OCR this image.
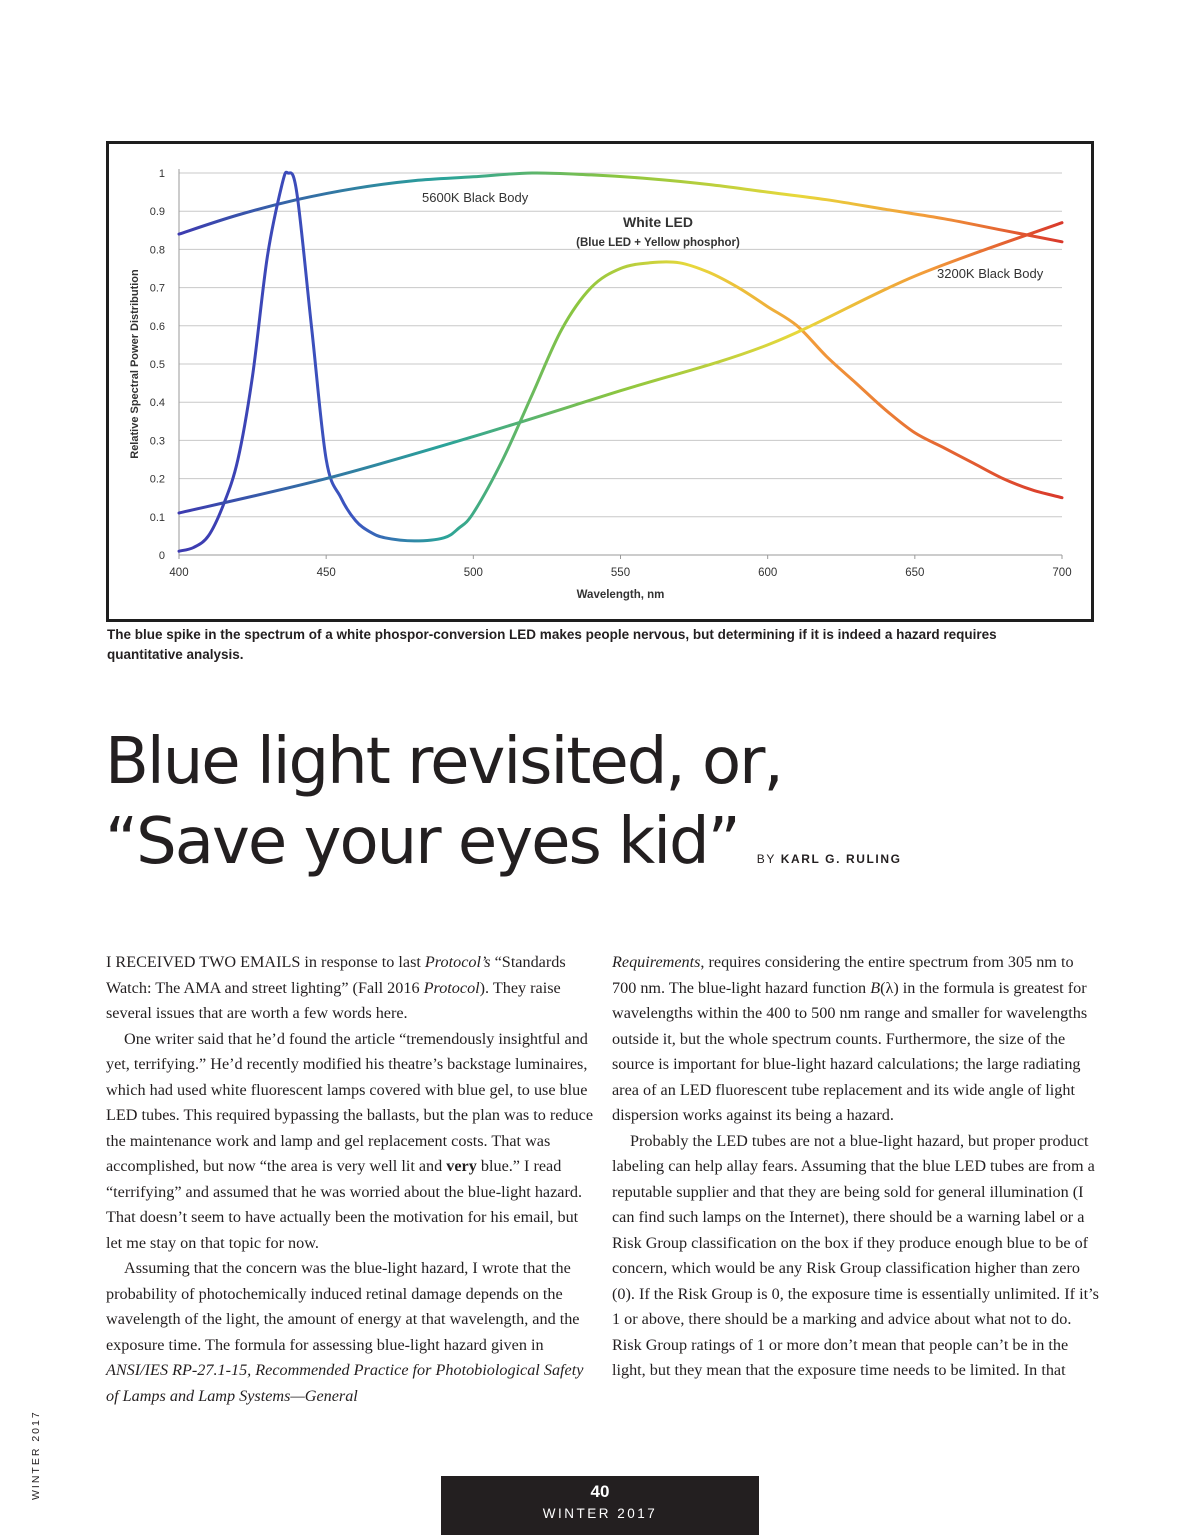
0
0.1
0.2
0.3
0.4
0.5
0.6
0.7
0.8
0.9
1
400	450	500	550	600	650	700
Wavelength, nm
Relative Spectral Power Distribution
5600K Black Body
White LED
(Blue LED + Yellow phosphor)
3200K Black Body
The blue spike in the spectrum of a white phospor-conversion LED makes people nervous, but determining if it is indeed a hazard requires quantitative analysis.
Blue light revisited, or,
“Save your eyes kid” BY KARL G. RULING

I RECEIVED TWO EMAILS in response to last Protocol’s “Standards Watch: The AMA and street lighting” (Fall 2016 Protocol). They raise several issues that are worth a few words here.

One writer said that he’d found the article “tremendously insightful and yet, terrifying.” He’d recently modified his theatre’s backstage luminaires, which had used white fluorescent lamps covered with blue gel, to use blue LED tubes. This required bypassing the ballasts, but the plan was to reduce the maintenance work and lamp and gel replacement costs. That was accomplished, but now “the area is very well lit and very blue.” I read “terrifying” and assumed that he was worried about the blue-light hazard. That doesn’t seem to have actually been the motivation for his email, but let me stay on that topic for now.

Assuming that the concern was the blue-light hazard, I wrote that the probability of photochemically induced retinal damage depends on the wavelength of the light, the amount of energy at that wavelength, and the exposure time. The formula for assessing blue-light hazard given in ANSI/IES RP-27.1-15, Recommended Practice for Photobiological Safety of Lamps and Lamp Systems—General

Requirements, requires considering the entire spectrum from 305 nm to 700 nm. The blue-light hazard function B(λ) in the formula is greatest for wavelengths within the 400 to 500 nm range and smaller for wavelengths outside it, but the whole spectrum counts. Furthermore, the size of the source is important for blue-light hazard calculations; the large radiating area of an LED fluorescent tube replacement and its wide angle of light dispersion works against its being a hazard.

Probably the LED tubes are not a blue-light hazard, but proper product labeling can help allay fears. Assuming that the blue LED tubes are from a reputable supplier and that they are being sold for general illumination (I can find such lamps on the Internet), there should be a warning label or a Risk Group classification on the box if they produce enough blue to be of concern, which would be any Risk Group classification higher than zero (0). If the Risk Group is 0, the exposure time is essentially unlimited. If it’s 1 or above, there should be a marking and advice about what not to do. Risk Group ratings of 1 or more don’t mean that people can’t be in the light, but they mean that the exposure time needs to be limited. In that

WINTER 2017	40
WINTER 2017
